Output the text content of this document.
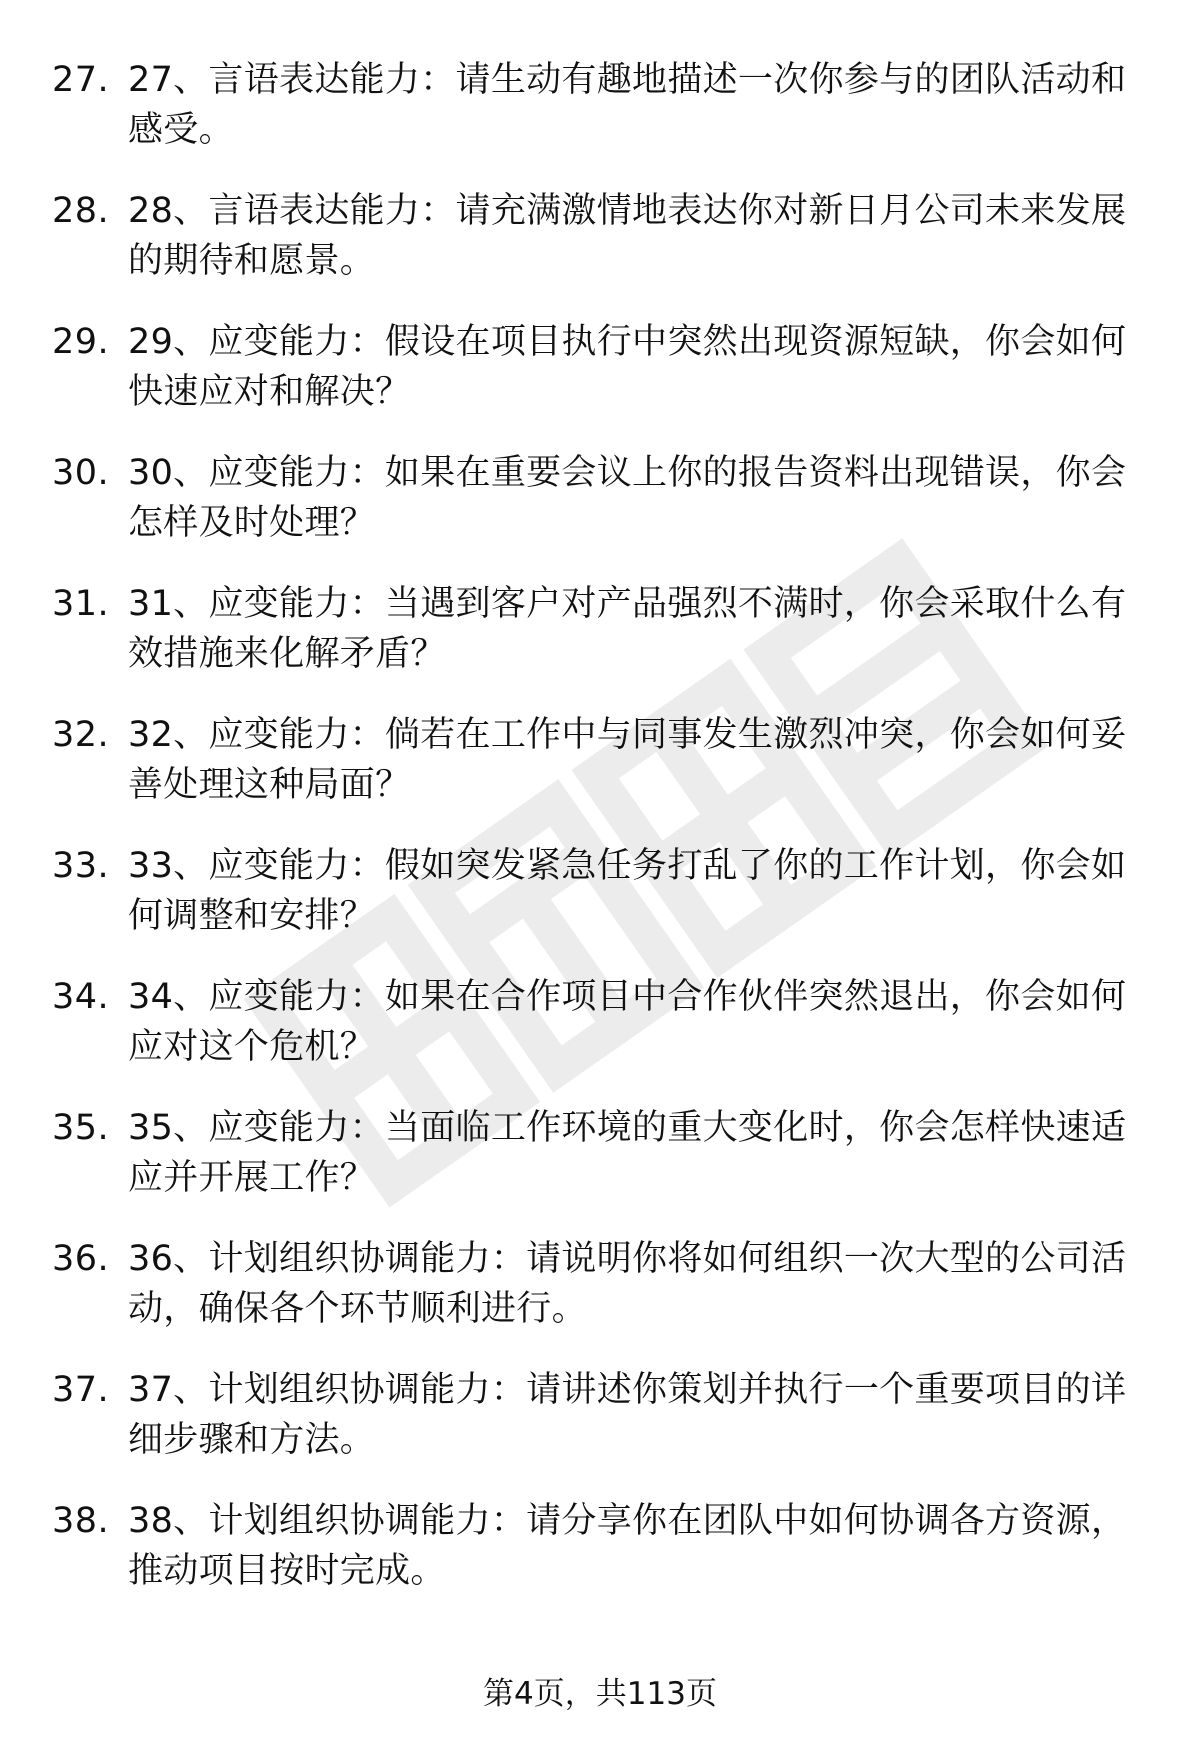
27. 27、言语表达能力：请生动有趣地描述一次你参与的团队活动和感受。
28. 28、言语表达能力：请充满激情地表达你对新日月公司未来发展的期待和愿景。
29. 29、应变能力：假设在项目执行中突然出现资源短缺，你会如何快速应对和解决？
30. 30、应变能力：如果在重要会议上你的报告资料出现错误，你会怎样及时处理？
31. 31、应变能力：当遇到客户对产品强烈不满时，你会采取什么有效措施来化解矛盾？
32. 32、应变能力：倘若在工作中与同事发生激烈冲突，你会如何妥善处理这种局面？
33. 33、应变能力：假如突发紧急任务打乱了你的工作计划，你会如何调整和安排？
34. 34、应变能力：如果在合作项目中合作伙伴突然退出，你会如何应对这个危机？
35. 35、应变能力：当面临工作环境的重大变化时，你会怎样快速适应并开展工作？
36. 36、计划组织协调能力：请说明你将如何组织一次大型的公司活动，确保各个环节顺利进行。
37. 37、计划组织协调能力：请讲述你策划并执行一个重要项目的详细步骤和方法。
38. 38、计划组织协调能力：请分享你在团队中如何协调各方资源，推动项目按时完成。
第4页，共113页
